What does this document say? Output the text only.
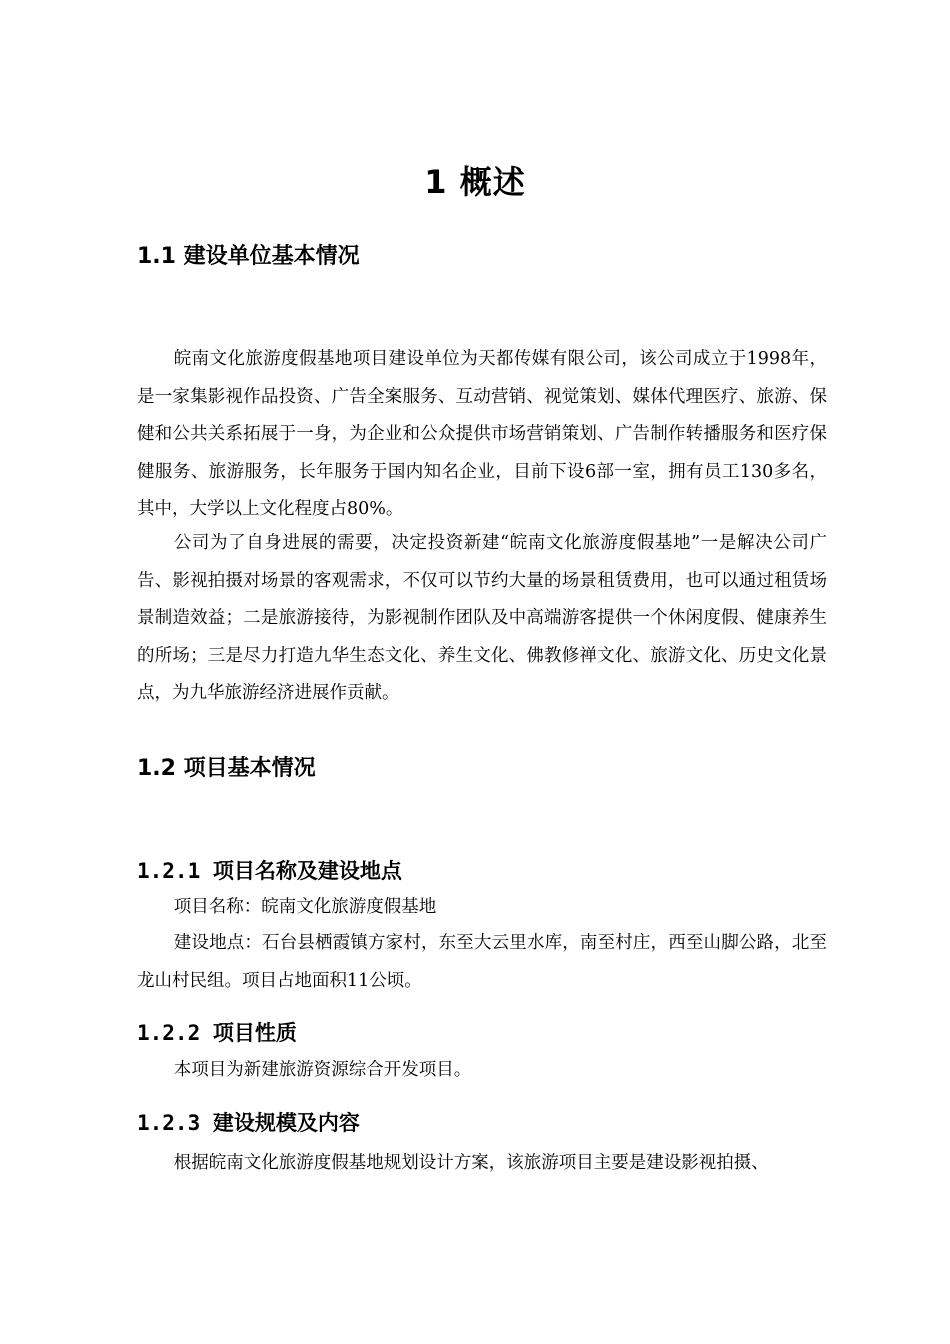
1 概述
1.1 建设单位基本情况

皖南文化旅游度假基地项目建设单位为天都传媒有限公司，该公司成立于1998年，是一家集影视作品投资、广告全案服务、互动营销、视觉策划、媒体代理医疗、旅游、保健和公共关系拓展于一身，为企业和公众提供市场营销策划、广告制作转播服务和医疗保健服务、旅游服务，长年服务于国内知名企业，目前下设6部一室，拥有员工130多名，其中，大学以上文化程度占80%。

公司为了自身进展的需要，决定投资新建“皖南文化旅游度假基地”一是解决公司广告、影视拍摄对场景的客观需求，不仅可以节约大量的场景租赁费用，也可以通过租赁场景制造效益；二是旅游接待，为影视制作团队及中高端游客提供一个休闲度假、健康养生的所场；三是尽力打造九华生态文化、养生文化、佛教修禅文化、旅游文化、历史文化景点，为九华旅游经济进展作贡献。

1.2 项目基本情况
1.2.1 项目名称及建设地点

项目名称：皖南文化旅游度假基地

建设地点：石台县栖霞镇方家村，东至大云里水库，南至村庄，西至山脚公路，北至龙山村民组。项目占地面积11公顷。

1.2.2 项目性质

本项目为新建旅游资源综合开发项目。

1.2.3 建设规模及内容

根据皖南文化旅游度假基地规划设计方案，该旅游项目主要是建设影视拍摄、
